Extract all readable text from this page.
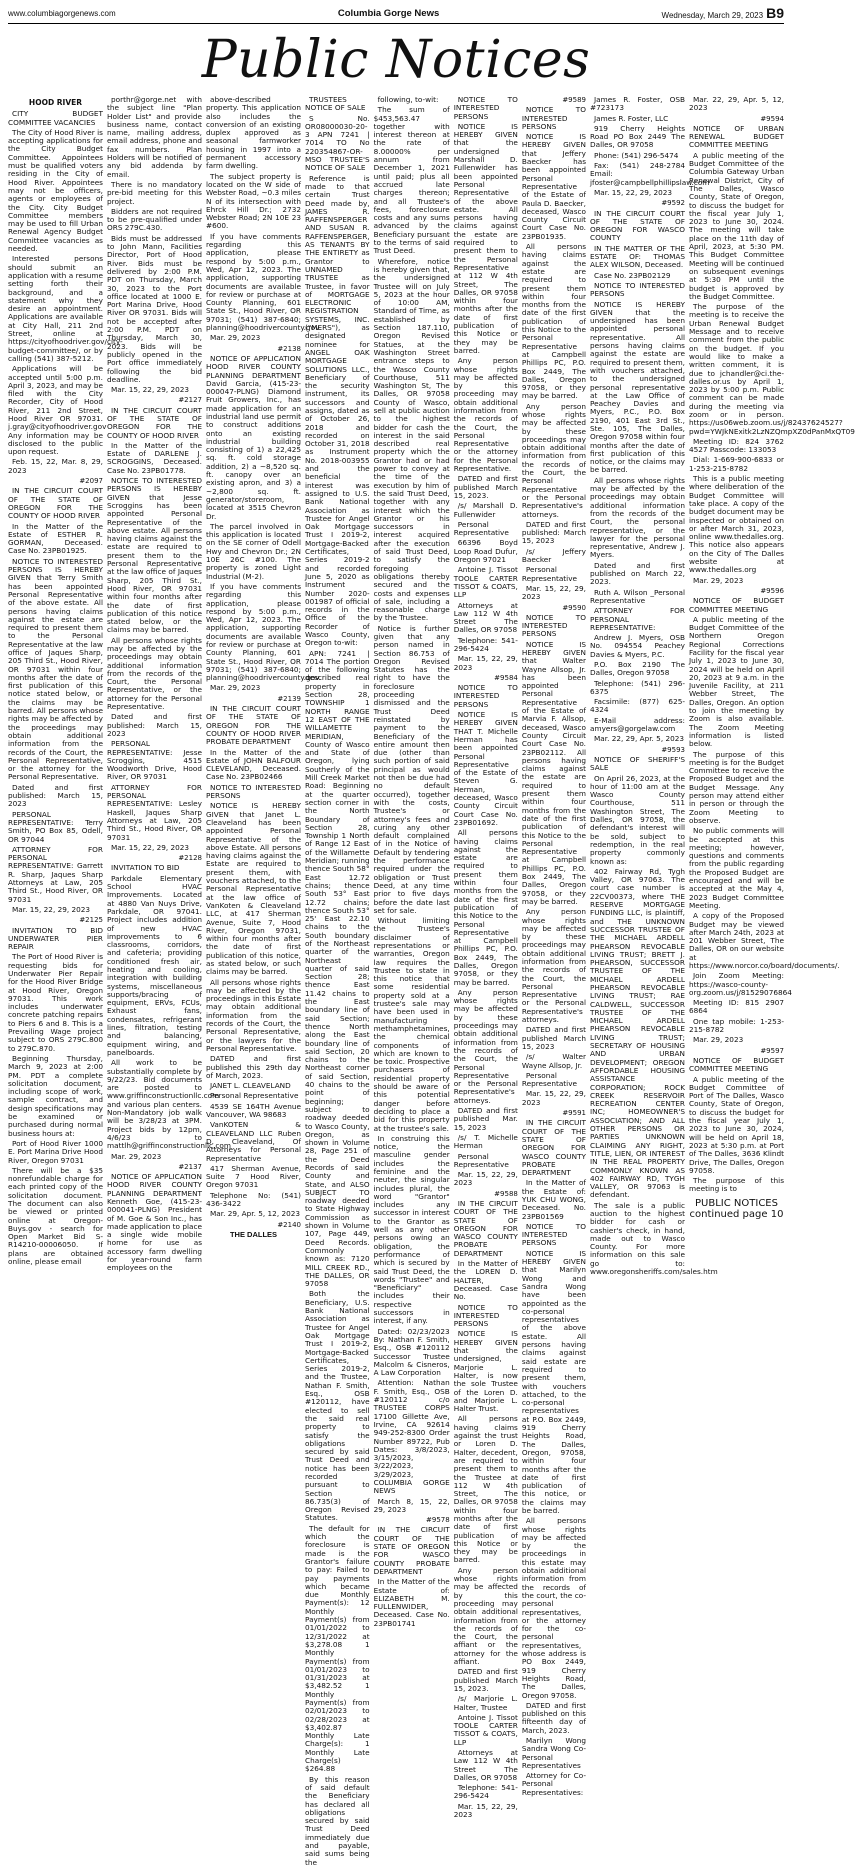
www.columbiagorgenews.com	Columbia Gorge News	Wednesday, March 29, 2023 B9
Public Notices

HOOD RIVER

CITY BUDGET COMMITTEE VACANCIES

The City of Hood River is accepting applications for the City Budget Committee. Appointees must be qualified voters residing in the City of Hood River. Appointees may not be officers, agents or employees of the City. City Budget Committee members may be used to fill Urban Renewal Agency Budget Committee vacancies as needed.

Interested persons should submit an application with a resume setting forth their background, and a statement why they desire an appointment. Applications are available at City Hall, 211 2nd Street, online at https://cityofhoodriver.gov/city-budget-committee/, or by calling (541) 387-5212.

Applications will be accepted until 5:00 p.m. April 3, 2023, and may be filed with the City Recorder, City of Hood River, 211 2nd Street, Hood River OR 97031. j.gray@cityofhoodriver.gov Any information may be disclosed to the public upon request.

Feb. 15, 22, Mar. 8, 29, 2023

#2097

IN THE CIRCUIT COURT OF THE STATE OF OREGON FOR THE COUNTY OF HOOD RIVER

In the Matter of the Estate of ESTHER R. GORMAN, Deceased. Case No. 23PB01925.

NOTICE TO INTERESTED PERSONS IS HEREBY GIVEN that Terry Smith has been appointed Personal Representative of the above estate. All persons having claims against the estate are required to present them to the Personal Representative at the law office of Jaques Sharp, 205 Third St., Hood River, OR 97031 within four months after the date of first publication of this notice stated below, or the claims may be barred. All persons whose rights may be affected by the proceedings may obtain additional information from the records of the Court, the Personal Representative, or the attorney for the Personal Representative.

Dated and first published: March 15, 2023

PERSONAL REPRESENTATIVE: Terry Smith, PO Box 85, Odell, OR 97044

ATTORNEY FOR PERSONAL REPRESENTATIVE: Garrett R. Sharp, Jaques Sharp Attorneys at Law, 205 Third St., Hood River, OR 97031

Mar. 15, 22, 29, 2023

#2125

INVITATION TO BID UNDERWATER PIER REPAIR

The Port of Hood River is requesting bids for Underwater Pier Repair for the Hood River Bridge at Hood River, Oregon 97031. This work includes underwater concrete patching repairs to Piers 6 and 8. This is a Prevailing Wage project subject to ORS 279C.800 to 279C.870.

Beginning Thursday, March 9, 2023 at 2:00 PM. PDT a complete solicitation document, including scope of work, sample contract, and design specifications may be examined or purchased during normal business hours at:

Port of Hood River 1000 E. Port Marina Drive Hood River, Oregon 97031

There will be a $35 nonrefundable charge for each printed copy of the solicitation document. The document can also be viewed or printed online at Oregon-Buys.gov - search for Open Market Bid S-R14210-00006050. If plans are obtained online, please email

porthr@gorge.net with the subject line "Plan Holder List" and provide business name, contact name, mailing address, email address, phone and fax numbers. Plan Holders will be notified of any bid addenda by email.

There is no mandatory pre-bid meeting for this project.

Bidders are not required to be pre-qualified under ORS 279C.430.

Bids must be addressed to John Mann, Facilities Director, Port of Hood River. Bids must be delivered by 2:00 P.M. PDT on Thursday, March 30, 2023 to the Port office located at 1000 E. Port Marina Drive, Hood River OR 97031. Bids will not be accepted after 2:00 P.M. PDT on Thursday, March 30, 2023. Bids will be publicly opened in the Port office immediately following the bid deadline.

Mar. 15, 22, 29, 2023

#2127

IN THE CIRCUIT COURT OF THE STATE OF OREGON FOR THE COUNTY OF HOOD RIVER

In the Matter of the Estate of DARLENE J. SCROGGINS, Deceased. Case No. 23PB01778.

NOTICE TO INTERESTED PERSONS IS HEREBY GIVEN that Jesse Scroggins has been appointed Personal Representative of the above estate. All persons having claims against the estate are required to present them to the Personal Representative at the law office of Jaques Sharp, 205 Third St., Hood River, OR 97031 within four months after the date of first publication of this notice stated below, or the claims may be barred.

All persons whose rights may be affected by the proceedings may obtain additional information from the records of the Court, the Personal Representative, or the attorney for the Personal Representative.

Dated and first published: March 15, 2023

PERSONAL REPRESENTATIVE: Jesse Scroggins, 4515 Woodworth Drive, Hood River, OR 97031

ATTORNEY FOR PERSONAL REPRESENTATIVE: Lesley Haskell, Jaques Sharp Attorneys at Law, 205 Third St., Hood River, OR 97031

Mar. 15, 22, 29, 2023

#2128

INVITATION TO BID

Parkdale Elementary School HVAC Improvements. Located at 4880 Van Nuys Drive, Parkdale, OR 97041. Project includes addition of new HVAC improvements to 6 classrooms, corridors, and cafeteria; providing conditioned fresh air, heating and cooling, integration with building systems, miscellaneous supports/bracing of equipment, ERVs, FCUs, Exhaust fans, condensates, refrigerant lines, filtration, testing and balancing, equipment wiring, and panelboards.

All work to be substantially complete by 9/22/23. Bid documents are posted to www.griffinconstructionllc.com and various plan centers. Non-Mandatory job walk will be 3/28/23 at 3PM. Project bids by 12pm, 4/6/23 to mattlh@griffinconstructionllc.com

Mar. 29, 2023

#2137

NOTICE OF APPLICATION HOOD RIVER COUNTY PLANNING DEPARTMENT Kenneth Goe, (415-23-000041-PLNG) President of M. Goe & Son Inc., has made application to place a single wide mobile home for use as accessory farm dwelling for year-round farm employees on the

above-described property. This application also includes the conversion of an existing duplex approved as seasonal farmworker housing in 1997 into a permanent accessory farm dwelling.

The subject property is located on the W side of Webster Road, ~0.3 miles N of its intersection with Ehrck Hill Dr.; 2732 Webster Road; 2N 10E 23 #600.

If you have comments regarding this application, please respond by 5:00 p.m., Wed, Apr 12, 2023. The application, supporting documents are available for review or purchase at County Planning, 601 State St., Hood River, OR 97031; (541) 387-6840; planning@hoodrivercounty.gov.

Mar. 29, 2023

#2138

NOTICE OF APPLICATION HOOD RIVER COUNTY PLANNING DEPARTMENT David Garcia, (415-23-000047-PLNG) Diamond Fruit Growers, Inc., has made application for an industrial land use permit to construct additions onto an existing industrial building consisting of 1) a 22,425 sq. ft. cold storage addition, 2) a ~8,520 sq. ft. canopy over an existing apron, and 3) a ~2,800 sq. ft. generator/storeroom, located at 3515 Chevron Dr.

The parcel involved in this application is located on the SE corner of Odell Hwy and Chevron Dr.; 2N 10E 26C #100. The property is zoned Light Industrial (M-2).

If you have comments regarding this application, please respond by 5:00 p.m., Wed, Apr 12, 2023. The application, supporting documents are available for review or purchase at County Planning, 601 State St., Hood River, OR 97031; (541) 387-6840; planning@hoodrivercounty.gov.

Mar. 29, 2023

#2139

IN THE CIRCUIT COURT OF THE STATE OF OREGON FOR THE COUNTY OF HOOD RIVER PROBATE DEPARTMENT

In the Matter of the Estate of JOHN BALFOUR CLEVELAND, Deceased. Case No. 23PB02466

NOTICE TO INTERESTED PERSONS

NOTICE IS HEREBY GIVEN that Janet L. Cleaveland has been appointed Personal Representative of the above Estate. All persons having claims against the Estate are required to present them, with vouchers attached, to the Personal Representative at the law office of VanKoten & Cleaveland LLC, at 417 Sherman Avenue, Suite 7, Hood River, Oregon 97031, within four months after the date of first publication of this notice, as stated below, or such claims may be barred.

All persons whose rights may be affected by the proceedings in this Estate may obtain additional information from the records of the Court, the Personal Representative, or the lawyers for the Personal Representative.

DATED and first published this 29th day of March, 2023.

JANET L. CLEAVELAND

Personal Representative

4539 SE 164TH Avenue Vancouver, WA 98683

VanKOTEN & CLEAVELAND LLC Ruben D. Cleaveland, Of Attorneys for Personal Representative

417 Sherman Avenue, Suite 7 Hood River, Oregon 97031

Telephone No: (541) 436-3422

Mar. 29, Apr. 5, 12, 2023

#2140

THE DALLES

TRUSTEES NOTICE OF SALE

S No. OR08000030-20-3 APN 7241 | 7014 TO No 220354867-OR-MSO TRUSTEE'S NOTICE OF SALE

Reference is made to that certain Trust Deed made by, JAMES R. RAFFENSPERGER AND SUSAN R. RAFFENSPERGER, AS TENANTS BY THE ENTIRETY as Grantor to UNNAMED TRUSTEE as Trustee, in favor of MORTGAGE ELECTRONIC REGISTRATION SYSTEMS, INC. ("MERS"), as designated nominee for ANGEL OAK MORTGAGE SOLUTIONS LLC., Beneficiary of the security instrument, its successors and assigns, dated as of October 26, 2018 and recorded on October 31, 2018 as Instrument No. 2018-003955 and the beneficial interest was assigned to U.S. Bank National Association as Trustee for Angel Oak Mortgage Trust I 2019-2, Mortgage-Backed Certificates, Series 2019-2 and recorded June 5, 2020 as Instrument Number 2020-001987 of official records in the Office of the Recorder of Wasco County, Oregon to-wit:

APN: 7241 | 7014 The portion of the following described real property in Section 28, TOWNSHIP 1 NORTH RANGE 12 EAST OF THE WILLAMETTE MERIDIAN, County of Wasco and State of Oregon, lying Southerly of the Mill Creek Market Road: Beginning at the quarter section corner in the North Boundary of Section 28, Township 1 North of Range 12 East of the Willamette Meridian; running thence South 58° East 12.72 chains; thence South 53° East 12.72 chains; thence South 53° 25' East 22.10 chains to the South boundary of the Northeast quarter of the Northeast quarter of said Section 28; thence East 11.42 chains to the East boundary line of said Section; thence North along the East boundary line of said Section, 20 chains to the Northeast corner of said Section, 40 chains to the point of beginning; subject to roadway deeded to Wasco County, Oregon, as shown in Volume 28, Page 251 of the Deed Records of said County and State, and ALSO SUBJECT TO roadway deeded to State Highway Commission as shown in Volume 107, Page 449, Deed Records. Commonly known as: 7120 MILL CREEK RD., THE DALLES, OR 97058

Both the Beneficiary, U.S. Bank National Association as Trustee for Angel Oak Mortgage Trust I 2019-2, Mortgage-Backed Certificates, Series 2019-2, and the Trustee, Nathan F. Smith, Esq., OSB #120112, have elected to sell the said real property to satisfy the obligations secured by said Trust Deed and notice has been recorded pursuant to Section 86.735(3) of Oregon Revised Statutes.

The default for which the foreclosure is made is the Grantor's failure to pay: Failed to pay payments which became due Monthly Payment(s): 12 Monthly Payment(s) from 01/01/2022 to 12/31/2022 at $3,278.08 1 Monthly Payment(s) from 01/01/2023 to 01/31/2023 at $3,482.52 1 Monthly Payment(s) from 02/01/2023 to 02/28/2023 at $3,402.87 Monthly Late Charge(s): 1 Monthly Late Charge(s) $264.88

By this reason of said default the Beneficiary has declared all obligations secured by said Trust Deed immediately due and payable, said sums being the

following, to-wit:

The sum of $453,563.47 together with interest thereon at the rate of 8.00000% per annum from December 1, 2021 until paid; plus all accrued late charges thereon; and all Trustee's fees, foreclosure costs and any sums advanced by the Beneficiary pursuant to the terms of said Trust Deed.

Wherefore, notice is hereby given that, the undersigned Trustee will on July 5, 2023 at the hour of 10:00 AM, Standard of Time, as established by Section 187.110, Oregon Revised Statues, at the Washington Street entrance steps to the Wasco County Courthouse, 511 Washington St, The Dalles, OR 97058 County of Wasco, sell at public auction to the highest bidder for cash the interest in the said described real property which the Grantor had or had power to convey at the time of the execution by him of the said Trust Deed, together with any interest which the Grantor or his successors in interest acquired after the execution of said Trust Deed, to satisfy the foregoing obligations thereby secured and the costs and expenses of sale, including a reasonable charge by the Trustee.

Notice is further given that any person named in Section 86.753 of Oregon Revised Statutes has the right to have the foreclosure proceeding dismissed and the Trust Deed reinstated by payment to the Beneficiary of the entire amount then due (other than such portion of said principal as would not then be due had no default occurred), together with the costs, Trustee's or attorney's fees and curing any other default complained of in the Notice of Default by tendering the performance required under the obligation or Trust Deed, at any time prior to five days before the date last set for sale.

Without limiting the Trustee's disclaimer of representations or warranties, Oregon law requires the Trustee to state in this notice that some residential property sold at a trustee's sale may have been used in manufacturing methamphetamines, the chemical components of which are known to be toxic. Prospective purchasers of residential property should be aware of this potential danger before deciding to place a bid for this property at the trustee's sale.

In construing this notice, the masculine gender includes the feminine and the neuter, the singular includes plural, the word "Grantor" includes any successor in interest to the Grantor as well as any other persons owing an obligation, the performance of which is secured by said Trust Deed, the words "Trustee" and "Beneficiary" includes their respective successors in interest, if any.

Dated: 02/23/2023 By: Nathan F. Smith, Esq., OSB #120112 Successor Trustee Malcolm & Cisneros, A Law Corporation

Attention: Nathan F. Smith, Esq., OSB #120112 c/o TRUSTEE CORPS 17100 Gillette Ave, Irvine, CA 92614 949-252-8300 Order Number 89722, Pub Dates: 3/8/2023, 3/15/2023, 3/22/2023, 3/29/2023, COLUMBIA GORGE NEWS

March 8, 15, 22, 29, 2023

#9578

IN THE CIRCUIT COURT OF THE STATE OF OREGON FOR WASCO COUNTY PROBATE DEPARTMENT

In the Matter of the Estate of: ELIZABETH M. FULLENWIDER, Deceased. Case No. 23PB01741

NOTICE TO INTERESTED PERSONS

NOTICE IS HEREBY GIVEN that the undersigned Marshall D. Fullenwider has been appointed Personal Representative of the above estate. All persons having claims against the estate are required to present them to the Personal Representative at 112 W 4th Street, The Dalles, OR 97058 within four months after the date of first publication of this Notice or they may be barred.

Any person whose rights may be affected by this proceeding may obtain additional information from the records of the Court, the Personal Representative or the attorney for the Personal Representative.

DATED and first published March 15, 2023.

/s/ Marshall D. Fullenwider

Personal Representative

66396 Boyd Loop Road Dufur, Oregon 97021

Antoine J. Tissot TOOLE CARTER TISSOT & COATS, LLP

Attorneys at Law 112 W 4th Street The Dalles, OR 97058

Telephone: 541-296-5424

Mar. 15, 22, 29, 2023

#9584

NOTICE TO INTERESTED PERSONS

NOTICE IS HEREBY GIVEN THAT T. Michelle Herman has been appointed Personal Representative of the Estate of Steven G. Herman, deceased, Wasco County Circuit Court Case No. 23PB01692.

All persons having claims against the estate are required to present them within four months from the date of the first publication of this Notice to the Personal Representative at Campbell Phillips PC, P.O. Box 2449, The Dalles, Oregon 97058, or they may be barred.

Any person whose rights may be affected by these proceedings may obtain additional information from the records of the Court, the Personal Representative or the Personal Representative's attorneys.

DATED and first published Mar. 15, 2023

/s/ T. Michelle Herman

Personal Representative

Mar. 15, 22, 29, 2023

#9588

IN THE CIRCUIT COURT OF THE STATE OF OREGON FOR WASCO COUNTY PROBATE DEPARTMENT

In the Matter of the LOREN D. HALTER, Deceased. Case No.

NOTICE TO INTERESTED PERSONS

NOTICE IS HEREBY GIVEN that the undersigned, Marjorie L. Halter, is now the sole Trustee of the Loren D. and Marjorie L. Halter Trust.

All persons having claims against the trust or Loren D. Halter, decedent, are required to present them to the Trustee at 112 W 4th Street, The Dalles, OR 97058 within four months after the date of first publication of this Notice or they may be barred.

Any person whose rights may be affected by this proceeding may obtain additional information from the records of the Court, the affiant or the attorney for the affiant.

DATED and first published March 15, 2023.

/s/ Marjorie L. Halter, Trustee

Antoine J. Tissot TOOLE CARTER TISSOT & COATS, LLP

Attorneys at Law 112 W 4th Street The Dalles, OR 97058

Telephone: 541-296-5424

Mar. 15, 22, 29, 2023

#9589

NOTICE TO INTERESTED PERSONS

NOTICE IS HEREBY GIVEN that Jeffery Baecker has been appointed Personal Representative of the Estate of Paula D. Baecker, deceased, Wasco County Circuit Court Case No. 23PB01935.

All persons having claims against the estate are required to present them within four months from the date of the first publication of this Notice to the Personal Representative at Campbell Phillips PC, P.O. Box 2449, The Dalles, Oregon 97058, or they may be barred.

Any person whose rights may be affected by these proceedings may obtain additional information from the records of the Court, the Personal Representative or the Personal Representative's attorneys.

DATED and first published: March 15, 2023

/s/ Jeffery Baecker

Personal Representative

Mar. 15, 22, 29, 2023

#9590

NOTICE TO INTERESTED PERSONS

NOTICE IS HEREBY GIVEN that Walter Wayne Allsop, Jr. has been appointed Personal Representative of the Estate of Marvia F. Allsop, deceased, Wasco County Circuit Court Case No. 23PB02112. All persons having claims against the estate are required to present them within four months from the date of the first publication of this Notice to the Personal Representative at Campbell Phillips PC, P.O. Box 2449, The Dalles, Oregon 97058, or they may be barred.

Any person whose rights may be affected by these proceedings may obtain additional information from the records of the Court, the Personal Representative or the Personal Representative's attorneys.

DATED and first published March 15, 2023

/s/ Walter Wayne Allsop, Jr.

Personal Representative

Mar. 15, 22, 29, 2023

#9591

IN THE CIRCUIT COURT OF THE STATE OF OREGON FOR WASCO COUNTY PROBATE DEPARTMENT

In the Matter of the Estate of: YUK CHU WONG, Deceased. No. 23PB01569

NOTICE TO INTERESTED PERSONS

NOTICE IS HEREBY GIVEN that Marilyn Wong and Sandra Wong have been appointed as the co-personal representatives of the above estate. All persons having claims against said estate are required to present them, with vouchers attached, to the co-personal representatives at P.O. Box 2449, 919 Cherry Heights Road, The Dalles, Oregon, 97058, within four months after the date of first publication of this notice, or the claims may be barred.

All persons whose rights may be affected by the proceedings in this estate may obtain additional information from the records of the court, the co-personal representatives, or the attorney for the co-personal representatives, whose address is PO Box 2449, 919 Cherry Heights Road, The Dalles, Oregon 97058.

DATED and first published on this fifteenth day of March, 2023.

Marilyn Wong Sandra Wong Co-Personal Representatives

Attorney for Co-Personal Representatives:

James R. Foster, OSB #723173

James R. Foster, LLC

919 Cherry Heights Road PO Box 2449 The Dalles, OR 97058

Phone: (541) 296-5474

Fax: (541) 248-2784 Email: jfoster@campbellphillipslaw.com

Mar. 15, 22, 29, 2023

#9592

IN THE CIRCUIT COURT OF THE STATE OF OREGON FOR WASCO COUNTY

IN THE MATTER OF THE ESTATE OF: THOMAS ALEX WILSON, Deceased.

Case No. 23PB02129

NOTICE TO INTERESTED PERSONS

NOTICE IS HEREBY GIVEN that the undersigned has been appointed personal representative. All persons having claims against the estate are required to present them, with vouchers attached, to the undersigned personal representative at the Law Office of Peachey Davies and Myers, P.C., P.O. Box 2190, 401 East 3rd St., Ste. 105, The Dalles, Oregon 97058 within four months after the date of first publication of this notice, or the claims may be barred.

All persons whose rights may be affected by the proceedings may obtain additional information from the records of the Court, the personal representative, or the lawyer for the personal representative, Andrew J. Myers.

Dated and first published on March 22, 2023.

Ruth A. Wilson _Personal Representative

ATTORNEY FOR PERSONAL REPRESENTATIVE:

Andrew J. Myers, OSB No. 094554 Peachey Davies & Myers, P.C.

P.O. Box 2190 The Dalles, Oregon 97058

Telephone: (541) 296-6375

Facsimile: (877) 625-4324

E-Mail address: amyers@gorgelaw.com

Mar. 22, 29, Apr. 5, 2023

#9593

NOTICE OF SHERIFF'S SALE

On April 26, 2023, at the hour of 11:00 am at the Wasco County Courthouse, 511 Washington Street, The Dalles, OR 97058, the defendant's interest will be sold, subject to redemption, in the real property commonly known as:

402 Fairway Rd, Tygh Valley, OR 97063. The court case number is 22CV00373, where THE RESERVE MORTGAGE FUNDING LLC, is plaintiff, and THE UNKNOWN SUCCESSOR TRUSTEE OF THE MICHAEL ARDELL PHEARSON REVOCABLE LIVING TRUST; BRETT J. PHEARSON, SUCCESSOR TRUSTEE OF THE MICHAEL ARDELL PHEARSON REVOCABLE LIVING TRUST; RAE CALDWELL, SUCCESSOR TRUSTEE OF THE MICHAEL ARDELL PHEARSON REVOCABLE LIVING TRUST; SECRETARY OF HOUSING AND URBAN DEVELOPMENT; OREGON AFFORDABLE HOUSING ASSISTANCE CORPORATION; ROCK CREEK RESERVOIR RECREATION CENTER INC; HOMEOWNER'S ASSOCIATION; AND ALL OTHER PERSONS OR PARTIES UNKNOWN CLAIMING ANY RIGHT, TITLE, LIEN, OR INTEREST IN THE REAL PROPERTY COMMONLY KNOWN AS 402 FAIRWAY RD, TYGH VALLEY, OR 97063 is defendant.

The sale is a public auction to the highest bidder for cash or cashier's check, in hand, made out to Wasco County. For more information on this sale go to: www.oregonsheriffs.com/sales.htm

Mar. 22, 29, Apr. 5, 12, 2023

#9594

NOTICE OF URBAN RENEWAL BUDGET COMMITTEE MEETING

A public meeting of the Budget Committee of the Columbia Gateway Urban Renewal District, City of The Dalles, Wasco County, State of Oregon, to discuss the budget for the fiscal year July 1, 2023 to June 30, 2024. The meeting will take place on the 11th day of April, 2023, at 5:30 PM. This Budget Committee Meeting will be continued on subsequent evenings at 5:30 PM until the budget is approved by the Budget Committee.

The purpose of the meeting is to receive the Urban Renewal Budget Message and to receive comment from the public on the budget. If you would like to make a written comment, it is due to jchandler@ci.the-dalles.or.us by April 1, 2023 by 5:00 p.m. Public comment can be made during the meeting via zoom or in person. https://us06web.zoom.us/j/82437624527?pwd=YWJkNExitk2LzNZQmpXZ0dPanMxQT09

Meeting ID: 824 3762 4527 Passcode: 133053

Dial: 1-669-900-6833 or 1-253-215-8782

This is a public meeting where deliberation of the Budget Committee will take place. A copy of the budget document may be inspected or obtained on or after March 31, 2023, online www.thedalles.org. This notice also appears on the City of The Dalles website at www.thedalles.org

Mar. 29, 2023

#9596

NOTICE OF BUDGET COMMITTEE MEETING

A public meeting of the Budget Committee of the Northern Oregon Regional Corrections Facility for the fiscal year July 1, 2023 to June 30, 2024 will be held on April 20, 2023 at 9 a.m. in the Juvenile Facility, at 211 Webber Street, The Dalles, Oregon. An option to join the meeting by Zoom is also available. The Zoom Meeting information is listed below.

The purpose of this meeting is for the Budget Committee to receive the Proposed Budget and the Budget Message. Any person may attend either in person or through the Zoom Meeting to observe.

No public comments will be accepted at this meeting; however, questions and comments from the public regarding the Proposed Budget are encouraged and will be accepted at the May 4, 2023 Budget Committee Meeting.

A copy of the Proposed Budget may be viewed after March 24th, 2023 at 201 Webber Street, The Dalles, OR on our website at https://www.norcor.co/board/documents/.

Join Zoom Meeting: https://wasco-county-org.zoom.us/j/81529076864

Meeting ID: 815 2907 6864

One tap mobile: 1-253-215-8782

Mar. 29, 2023

#9597

NOTICE OF BUDGET COMMITTEE MEETING

A public meeting of the Budget Committee of Port of The Dalles, Wasco County, State of Oregon, to discuss the budget for the fiscal year July 1, 2023 to June 30, 2024, will be held on April 18, 2023 at 5:30 p.m. at Port of The Dalles, 3636 Klindt Drive, The Dalles, Oregon 97058.

The purpose of this meeting is to

PUBLIC NOTICES continued page 10
